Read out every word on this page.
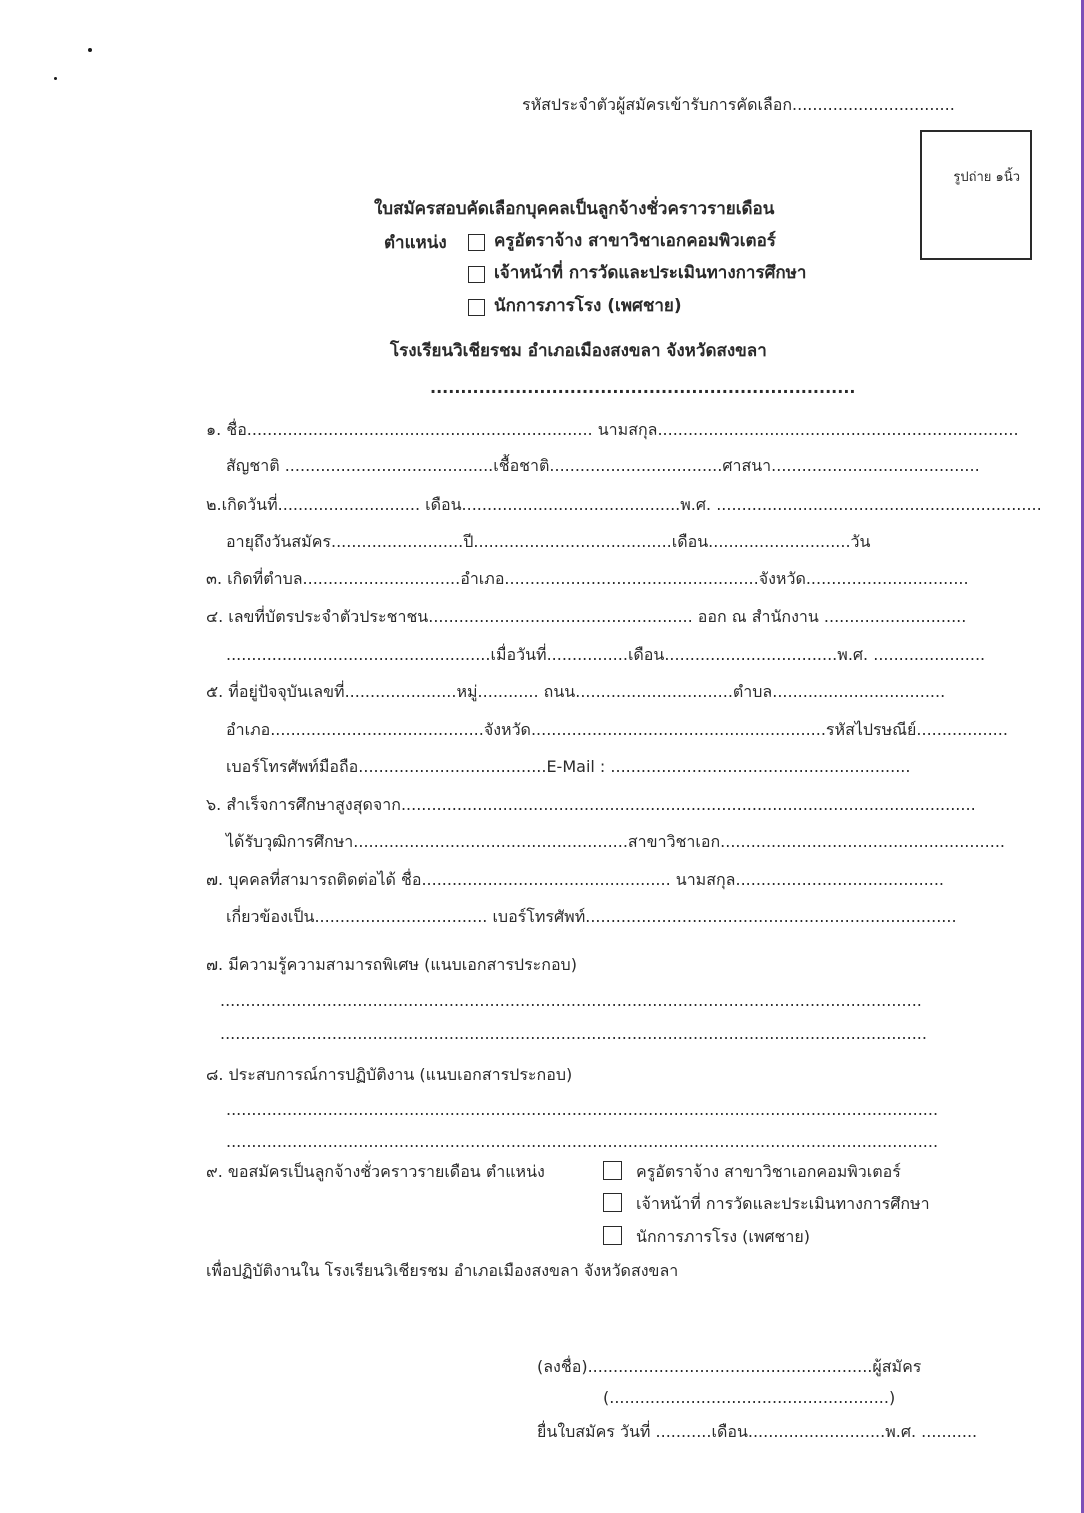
รหัสประจำตัวผู้สมัครเข้ารับการคัดเลือก................................
รูปถ่าย ๑นิ้ว
ใบสมัครสอบคัดเลือกบุคคลเป็นลูกจ้างชั่วคราวรายเดือน
ตำแหน่ง	ครูอัตราจ้าง สาขาวิชาเอกคอมพิวเตอร์
เจ้าหน้าที่ การวัดและประเมินทางการศึกษา
นักการภารโรง (เพศชาย)
โรงเรียนวิเชียรชม อำเภอเมืองสงขลา จังหวัดสงขลา
......................................................................
๑. ชื่อ.................................................................... นามสกุล.......................................................................
สัญชาติ .........................................เชื้อชาติ..................................ศาสนา.........................................
๒.เกิดวันที่............................ เดือน...........................................พ.ศ. ................................................................
อายุถึงวันสมัคร..........................ปี.......................................เดือน............................วัน
๓. เกิดที่ตำบล...............................อำเภอ..................................................จังหวัด................................
๔. เลขที่บัตรประจำตัวประชาชน.................................................... ออก ณ สำนักงาน ............................
....................................................เมื่อวันที่................เดือน..................................พ.ศ. ......................
๕. ที่อยู่ปัจจุบันเลขที่......................หมู่............ ถนน...............................ตำบล..................................
อำเภอ..........................................จังหวัด..........................................................รหัสไปรษณีย์..................
เบอร์โทรศัพท์มือถือ.....................................E-Mail : ...........................................................
๖. สำเร็จการศึกษาสูงสุดจาก.................................................................................................................
ได้รับวุฒิการศึกษา......................................................สาขาวิชาเอก........................................................
๗. บุคคลที่สามารถติดต่อได้ ชื่อ................................................. นามสกุล.........................................
เกี่ยวข้องเป็น.................................. เบอร์โทรศัพท์.........................................................................
๗. มีความรู้ความสามารถพิเศษ (แนบเอกสารประกอบ)
..........................................................................................................................................
...........................................................................................................................................
๘. ประสบการณ์การปฏิบัติงาน (แนบเอกสารประกอบ)
............................................................................................................................................
............................................................................................................................................
๙. ขอสมัครเป็นลูกจ้างชั่วคราวรายเดือน ตำแหน่ง	ครูอัตราจ้าง สาขาวิชาเอกคอมพิวเตอร์
เจ้าหน้าที่ การวัดและประเมินทางการศึกษา
นักการภารโรง (เพศชาย)
เพื่อปฏิบัติงานใน โรงเรียนวิเชียรชม อำเภอเมืองสงขลา จังหวัดสงขลา
(ลงชื่อ)........................................................ผู้สมัคร
(.......................................................)
ยื่นใบสมัคร วันที่ ...........เดือน...........................พ.ศ. ...........
